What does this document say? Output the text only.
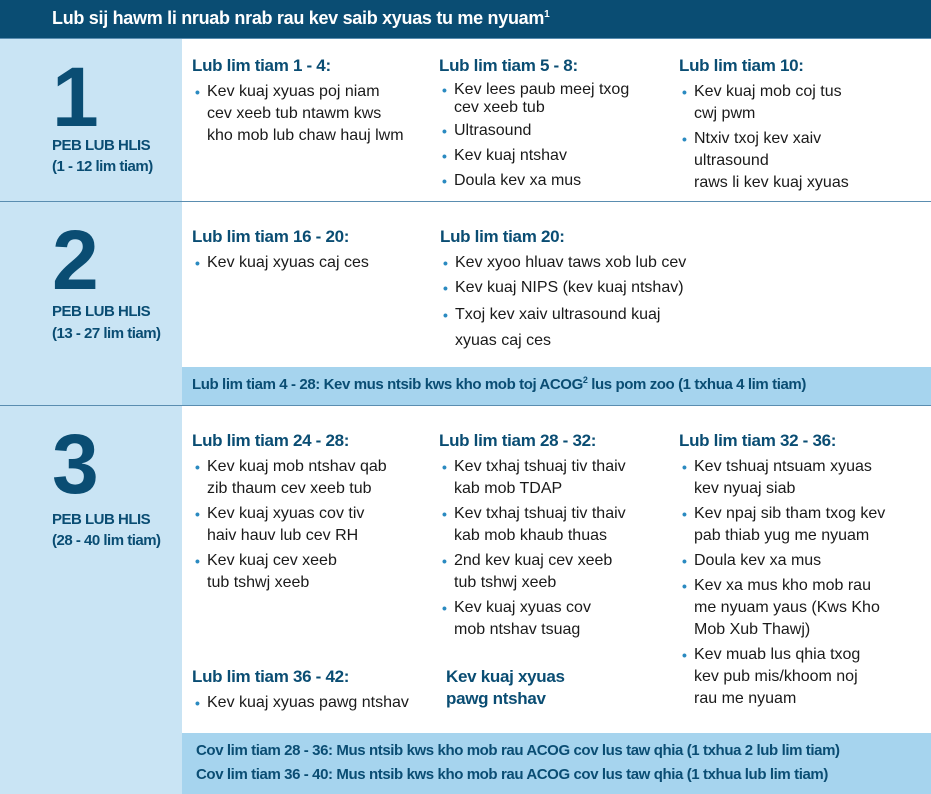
Lub sij hawm li nruab nrab rau kev saib xyuas tu me nyuam$^1$
1
PEB LUB HLIS
(1 - 12 lim tiam)
Lub lim tiam 1 - 4:
• Kev kuaj xyuas poj niam
cev xeeb tub ntawm kws
kho mob lub chaw hauj lwm
Lub lim tiam 5 - 8:
• Kev lees paub meej txog
cev xeeb tub
• Ultrasound
• Kev kuaj ntshav
• Doula kev xa mus
Lub lim tiam 10:
• Kev kuaj mob coj tus
cwj pwm
• Ntxiv txoj kev xaiv
ultrasound
raws li kev kuaj xyuas
2
PEB LUB HLIS
(13 - 27 lim tiam)
Lub lim tiam 16 - 20:
• Kev kuaj xyuas caj ces
Lub lim tiam 20:
• Kev xyoo hluav taws xob lub cev
• Kev kuaj NIPS (kev kuaj ntshav)
• Txoj kev xaiv ultrasound kuaj
xyuas caj ces
Lub lim tiam 4 - 28: Kev mus ntsib kws kho mob toj ACOG$^2$ lus pom zoo (1 txhua 4 lim tiam)
3
PEB LUB HLIS
(28 - 40 lim tiam)
Lub lim tiam 24 - 28:
• Kev kuaj mob ntshav qab
zib thaum cev xeeb tub
• Kev kuaj xyuas cov tiv
haiv hauv lub cev RH
• Kev kuaj cev xeeb
tub tshwj xeeb
Lub lim tiam 28 - 32:
• Kev txhaj tshuaj tiv thaiv
kab mob TDAP
• Kev txhaj tshuaj tiv thaiv
kab mob khaub thuas
• 2nd kev kuaj cev xeeb
tub tshwj xeeb
• Kev kuaj xyuas cov
mob ntshav tsuag
Lub lim tiam 32 - 36:
• Kev tshuaj ntsuam xyuas
kev nyuaj siab
• Kev npaj sib tham txog kev
pab thiab yug me nyuam
• Doula kev xa mus
• Kev xa mus kho mob rau
me nyuam yaus (Kws Kho
Mob Xub Thawj)
• Kev muab lus qhia txog
kev pub mis/khoom noj
rau me nyuam
Lub lim tiam 36 - 42:
• Kev kuaj xyuas pawg ntshav
Kev kuaj xyuas
pawg ntshav
Cov lim tiam 28 - 36: Mus ntsib kws kho mob rau ACOG cov lus taw qhia (1 txhua 2 lub lim tiam)
Cov lim tiam 36 - 40: Mus ntsib kws kho mob rau ACOG cov lus taw qhia (1 txhua lub lim tiam)
